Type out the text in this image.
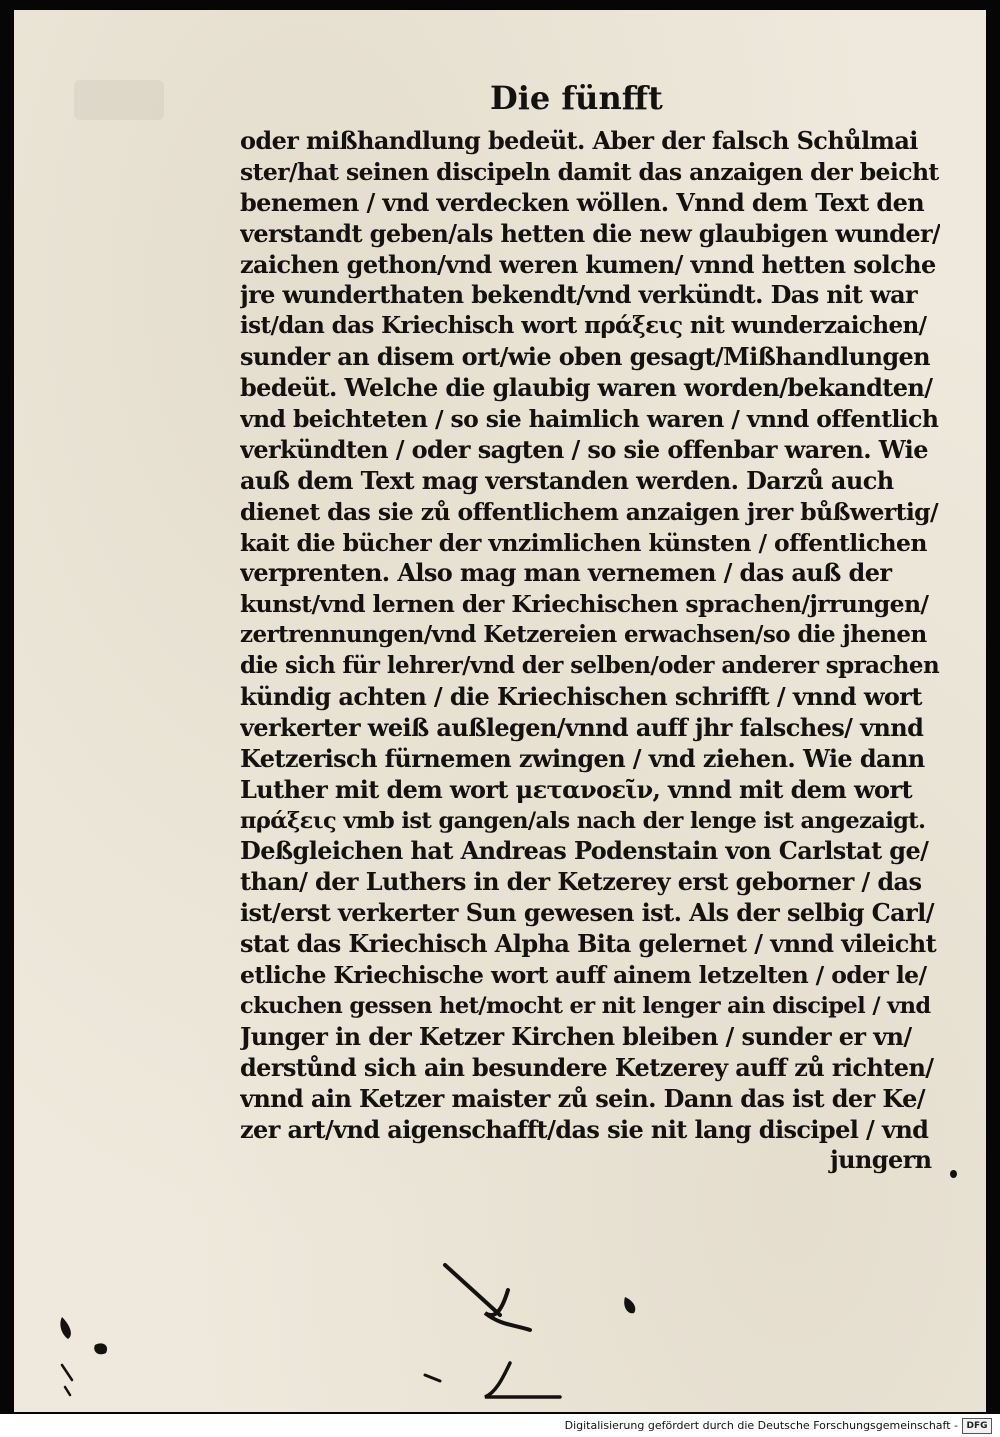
Die fünfft
oder mißhandlung bedeüt. Aber der falsch Schůlmai
ster/hat seinen discipeln damit das anzaigen der beicht
benemen / vnd verdecken wöllen. Vnnd dem Text den
verstandt geben/als hetten die new glaubigen wunder/
zaichen gethon/vnd weren kumen/ vnnd hetten solche
jre wunderthaten bekendt/vnd verkündt. Das nit war
ist/dan das Kriechisch wort πράξεις nit wunderzaichen/
sunder an disem ort/wie oben gesagt/Mißhandlungen
bedeüt. Welche die glaubig waren worden/bekandten/
vnd beichteten / so sie haimlich waren / vnnd offentlich
verkündten / oder sagten / so sie offenbar waren. Wie
auß dem Text mag verstanden werden. Darzů auch
dienet das sie zů offentlichem anzaigen jrer bůßwertig/
kait die bücher der vnzimlichen künsten / offentlichen
verprenten. Also mag man vernemen / das auß der
kunst/vnd lernen der Kriechischen sprachen/jrrungen/
zertrennungen/vnd Ketzereien erwachsen/so die jhenen
die sich für lehrer/vnd der selben/oder anderer sprachen
kündig achten / die Kriechischen schrifft / vnnd wort
verkerter weiß außlegen/vnnd auff jhr falsches/ vnnd
Ketzerisch fürnemen zwingen / vnd ziehen. Wie dann
Luther mit dem wort μετανοεῖν, vnnd mit dem wort
πράξεις vmb ist gangen/als nach der lenge ist angezaigt.
Deßgleichen hat Andreas Podenstain von Carlstat ge/
than/ der Luthers in der Ketzerey erst geborner / das
ist/erst verkerter Sun gewesen ist. Als der selbig Carl/
stat das Kriechisch Alpha Bita gelernet / vnnd vileicht
etliche Kriechische wort auff ainem letzelten / oder le/
ckuchen gessen het/mocht er nit lenger ain discipel / vnd
Junger in der Ketzer Kirchen bleiben / sunder er vn/
derstůnd sich ain besundere Ketzerey auff zů richten/
vnnd ain Ketzer maister zů sein. Dann das ist der Ke/
zer art/vnd aigenschafft/das sie nit lang discipel / vnd
jungern
Digitalisierung gefördert durch die Deutsche Forschungsgemeinschaft - DFG
